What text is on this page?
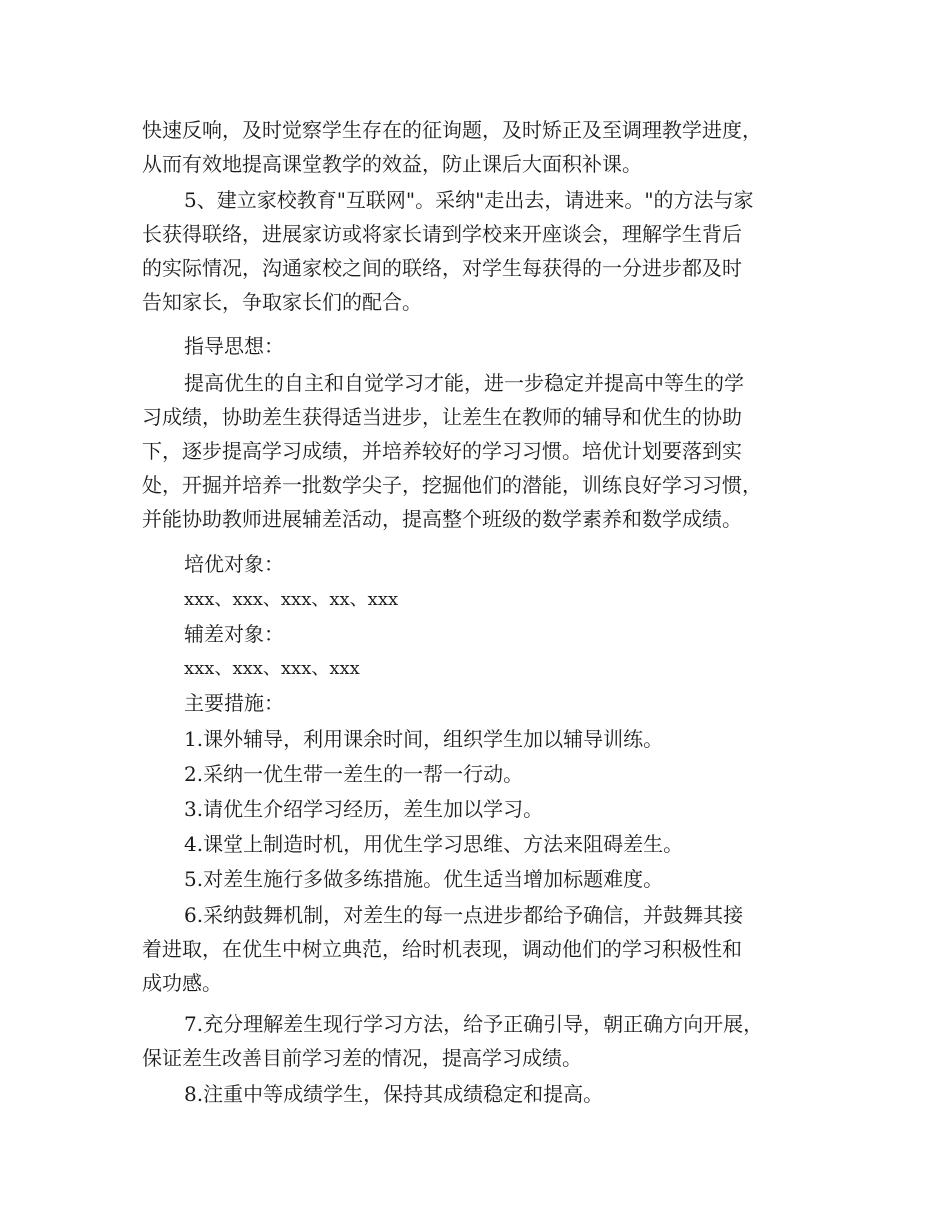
快速反响，及时觉察学生存在的征询题，及时矫正及至调理教学进度，
从而有效地提高课堂教学的效益，防止课后大面积补课。
5、建立家校教育"互联网"。采纳"走出去，请进来。"的方法与家
长获得联络，进展家访或将家长请到学校来开座谈会，理解学生背后
的实际情况，沟通家校之间的联络，对学生每获得的一分进步都及时
告知家长，争取家长们的配合。
指导思想：
提高优生的自主和自觉学习才能，进一步稳定并提高中等生的学
习成绩，协助差生获得适当进步，让差生在教师的辅导和优生的协助
下，逐步提高学习成绩，并培养较好的学习习惯。培优计划要落到实
处，开掘并培养一批数学尖子，挖掘他们的潜能，训练良好学习习惯，
并能协助教师进展辅差活动，提高整个班级的数学素养和数学成绩。
培优对象：
xxx、xxx、xxx、xx、xxx
辅差对象：
xxx、xxx、xxx、xxx
主要措施：
1.课外辅导，利用课余时间，组织学生加以辅导训练。
2.采纳一优生带一差生的一帮一行动。
3.请优生介绍学习经历，差生加以学习。
4.课堂上制造时机，用优生学习思维、方法来阻碍差生。
5.对差生施行多做多练措施。优生适当增加标题难度。
6.采纳鼓舞机制，对差生的每一点进步都给予确信，并鼓舞其接
着进取，在优生中树立典范，给时机表现，调动他们的学习积极性和
成功感。
7.充分理解差生现行学习方法，给予正确引导，朝正确方向开展，
保证差生改善目前学习差的情况，提高学习成绩。
8.注重中等成绩学生，保持其成绩稳定和提高。
